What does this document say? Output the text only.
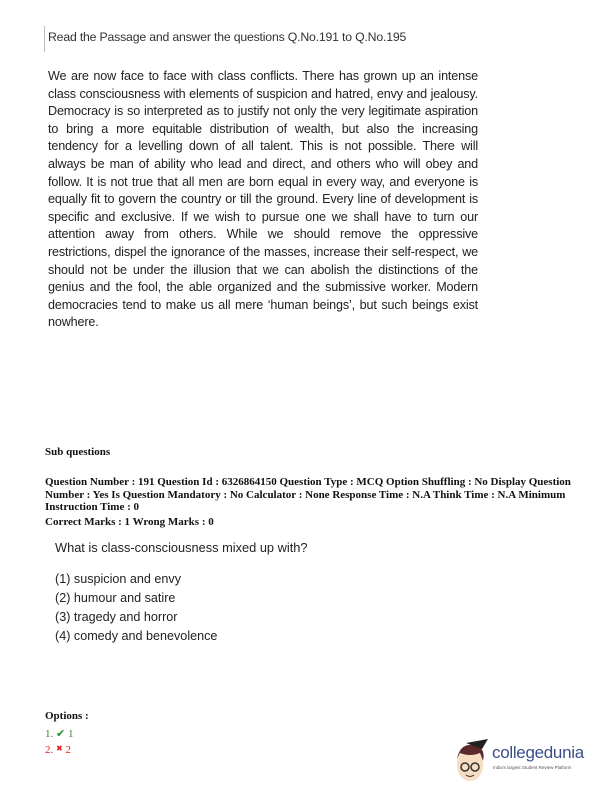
Read the Passage and answer the questions Q.No.191 to Q.No.195
We are now face to face with class conflicts. There has grown up an intense class consciousness with elements of suspicion and hatred, envy and jealousy. Democracy is so interpreted as to justify not only the very legitimate aspiration to bring a more equitable distribution of wealth, but also the increasing tendency for a levelling down of all talent. This is not possible. There will always be man of ability who lead and direct, and others who will obey and follow. It is not true that all men are born equal in every way, and everyone is equally fit to govern the country or till the ground. Every line of development is specific and exclusive. If we wish to pursue one we shall have to turn our attention away from others. While we should remove the oppressive restrictions, dispel the ignorance of the masses, increase their self-respect, we should not be under the illusion that we can abolish the distinctions of the genius and the fool, the able organized and the submissive worker. Modern democracies tend to make us all mere ‘human beings’, but such beings exist nowhere.
Sub questions
Question Number : 191 Question Id : 6326864150 Question Type : MCQ Option Shuffling : No Display Question Number : Yes Is Question Mandatory : No Calculator : None Response Time : N.A Think Time : N.A Minimum Instruction Time : 0
Correct Marks : 1 Wrong Marks : 0
What is class-consciousness mixed up with?
(1) suspicion and envy
(2) humour and satire
(3) tragedy and horror
(4) comedy and benevolence
Options :
1. ✔ 1
2. ✖ 2	collegedunia
India's largest Student Review Platform
